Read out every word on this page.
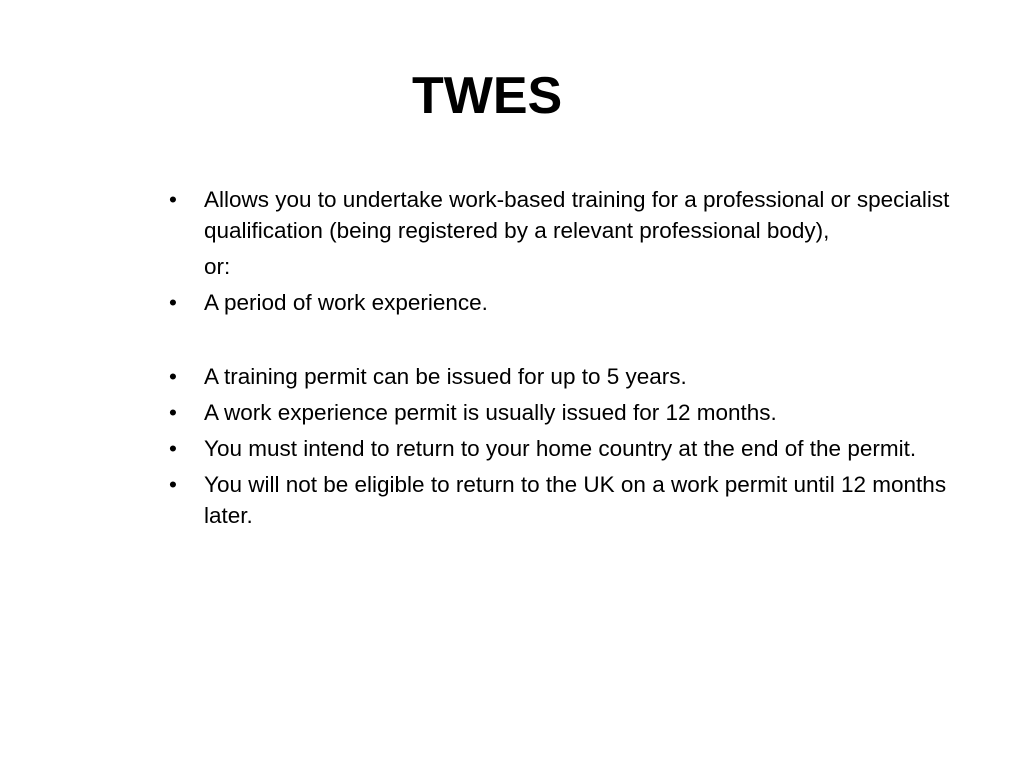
TWES
• Allows you to undertake work-based training for a professional or specialist qualification (being registered by a relevant professional body),
or:
• A period of work experience.
• A training permit can be issued for up to 5 years.
• A work experience permit is usually issued for 12 months.
• You must intend to return to your home country at the end of the permit.
• You will not be eligible to return to the UK on a work permit until 12 months later.
